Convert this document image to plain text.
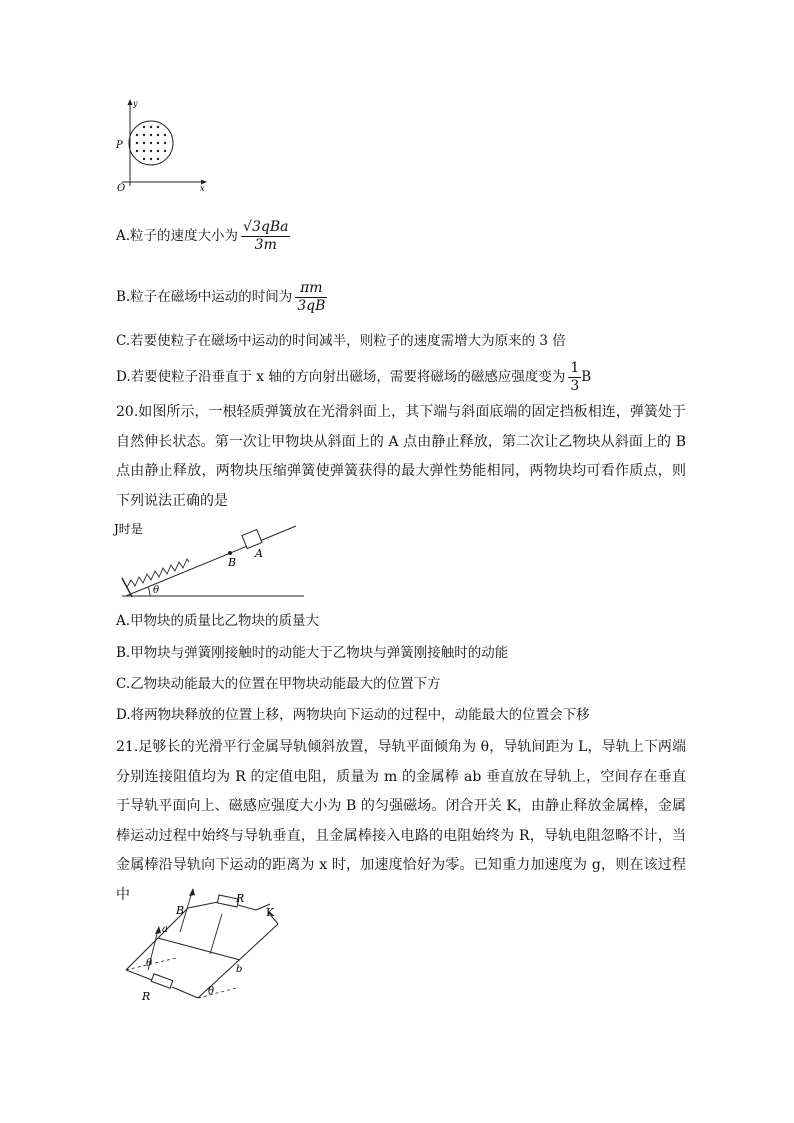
y
x
O
P
A.粒子的速度大小为 $\frac{\text{√3qBa}}{3m}$
B.粒子在磁场中运动的时间为 $\frac{\pi m}{3qB}$
C.若要使粒子在磁场中运动的时间减半，则粒子的速度需增大为原来的 3 倍
D.若要使粒子沿垂直于 x 轴的方向射出磁场，需要将磁场的磁感应强度变为 $\frac{1}{3}$ B
20.如图所示，一根轻质弹簧放在光滑斜面上，其下端与斜面底端的固定挡板相连，弹簧处于自然伸长状态。第一次让甲物块从斜面上的 A 点由静止释放，第二次让乙物块从斜面上的 B 点由静止释放，两物块压缩弹簧使弹簧获得的最大弹性势能相同，两物块均可看作质点，则下列说法正确的是
J时是
B
A
θ
A.甲物块的质量比乙物块的质量大
B.甲物块与弹簧刚接触时的动能大于乙物块与弹簧刚接触时的动能
C.乙物块动能最大的位置在甲物块动能最大的位置下方
D.将两物块释放的位置上移，两物块向下运动的过程中，动能最大的位置会下移
21.足够长的光滑平行金属导轨倾斜放置，导轨平面倾角为 θ，导轨间距为 L，导轨上下两端分别连接阻值均为 R 的定值电阻，质量为 m 的金属棒 ab 垂直放在导轨上，空间存在垂直于导轨平面向上、磁感应强度大小为 B 的匀强磁场。闭合开关 K，由静止释放金属棒，金属棒运动过程中始终与导轨垂直，且金属棒接入电路的电阻始终为 R，导轨电阻忽略不计，当金属棒沿导轨向下运动的距离为 x 时，加速度恰好为零。已知重力加速度为 g，则在该过程中
B
R
K
a
b
θ
R	θ
